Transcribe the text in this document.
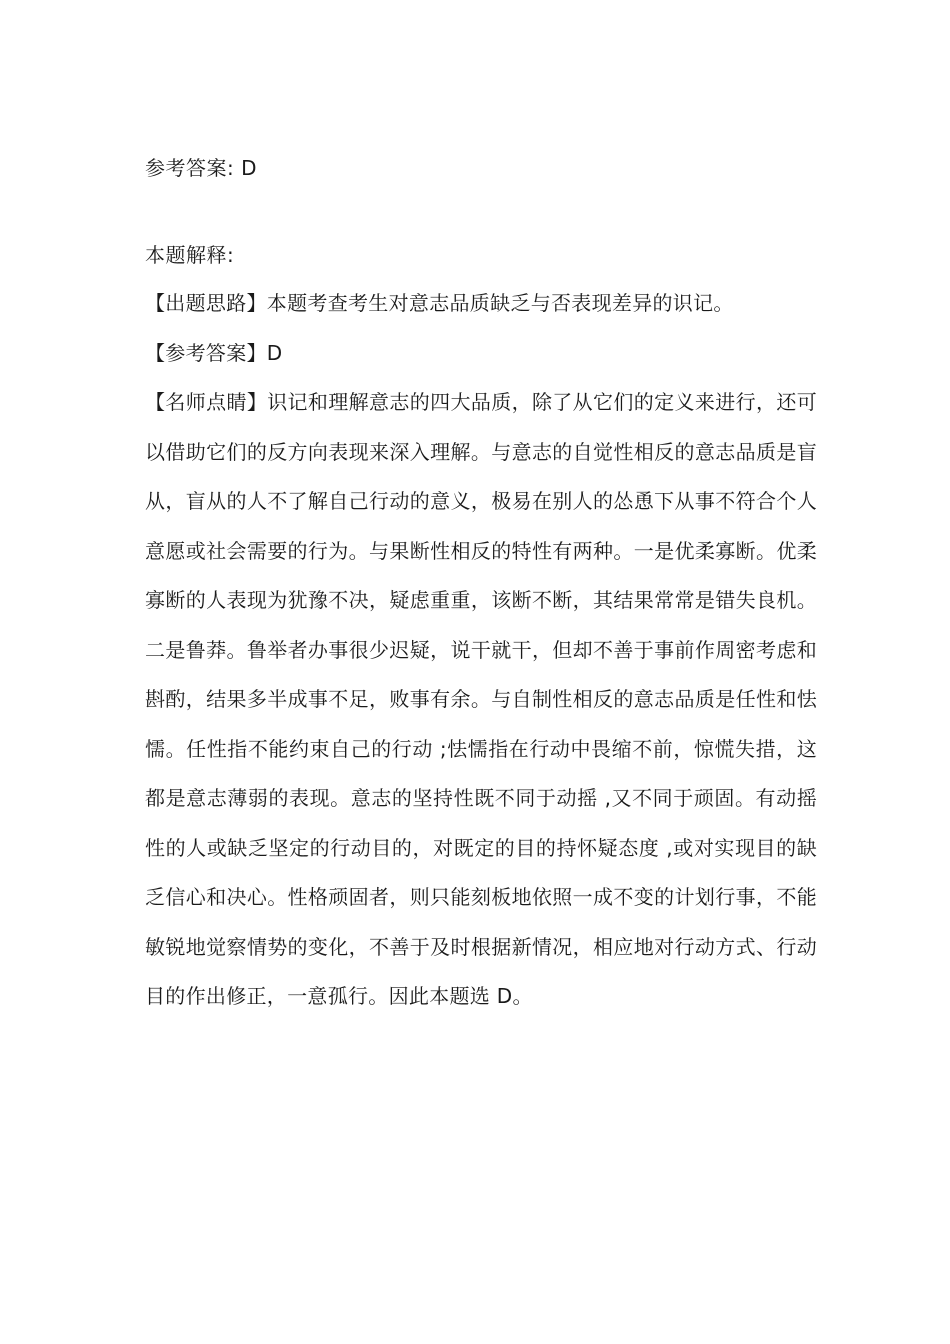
参考答案: D

本题解释:

【出题思路】本题考查考生对意志品质缺乏与否表现差异的识记。

【参考答案】D

【名师点睛】识记和理解意志的四大品质，除了从它们的定义来进行，还可以借助它们的反方向表现来深入理解。与意志的自觉性相反的意志品质是盲从，盲从的人不了解自己行动的意义，极易在别人的怂恿下从事不符合个人意愿或社会需要的行为。与果断性相反的特性有两种。一是优柔寡断。优柔寡断的人表现为犹豫不决，疑虑重重，该断不断，其结果常常是错失良机。二是鲁莽。鲁举者办事很少迟疑，说干就干，但却不善于事前作周密考虑和斟酌，结果多半成事不足，败事有余。与自制性相反的意志品质是任性和怯懦。任性指不能约束自己的行动 ;怯懦指在行动中畏缩不前，惊慌失措，这都是意志薄弱的表现。意志的坚持性既不同于动摇 ,又不同于顽固。有动摇性的人或缺乏坚定的行动目的，对既定的目的持怀疑态度 ,或对实现目的缺乏信心和决心。性格顽固者，则只能刻板地依照一成不变的计划行事，不能敏锐地觉察情势的变化，不善于及时根据新情况，相应地对行动方式、行动目的作出修正，一意孤行。因此本题选 D。
